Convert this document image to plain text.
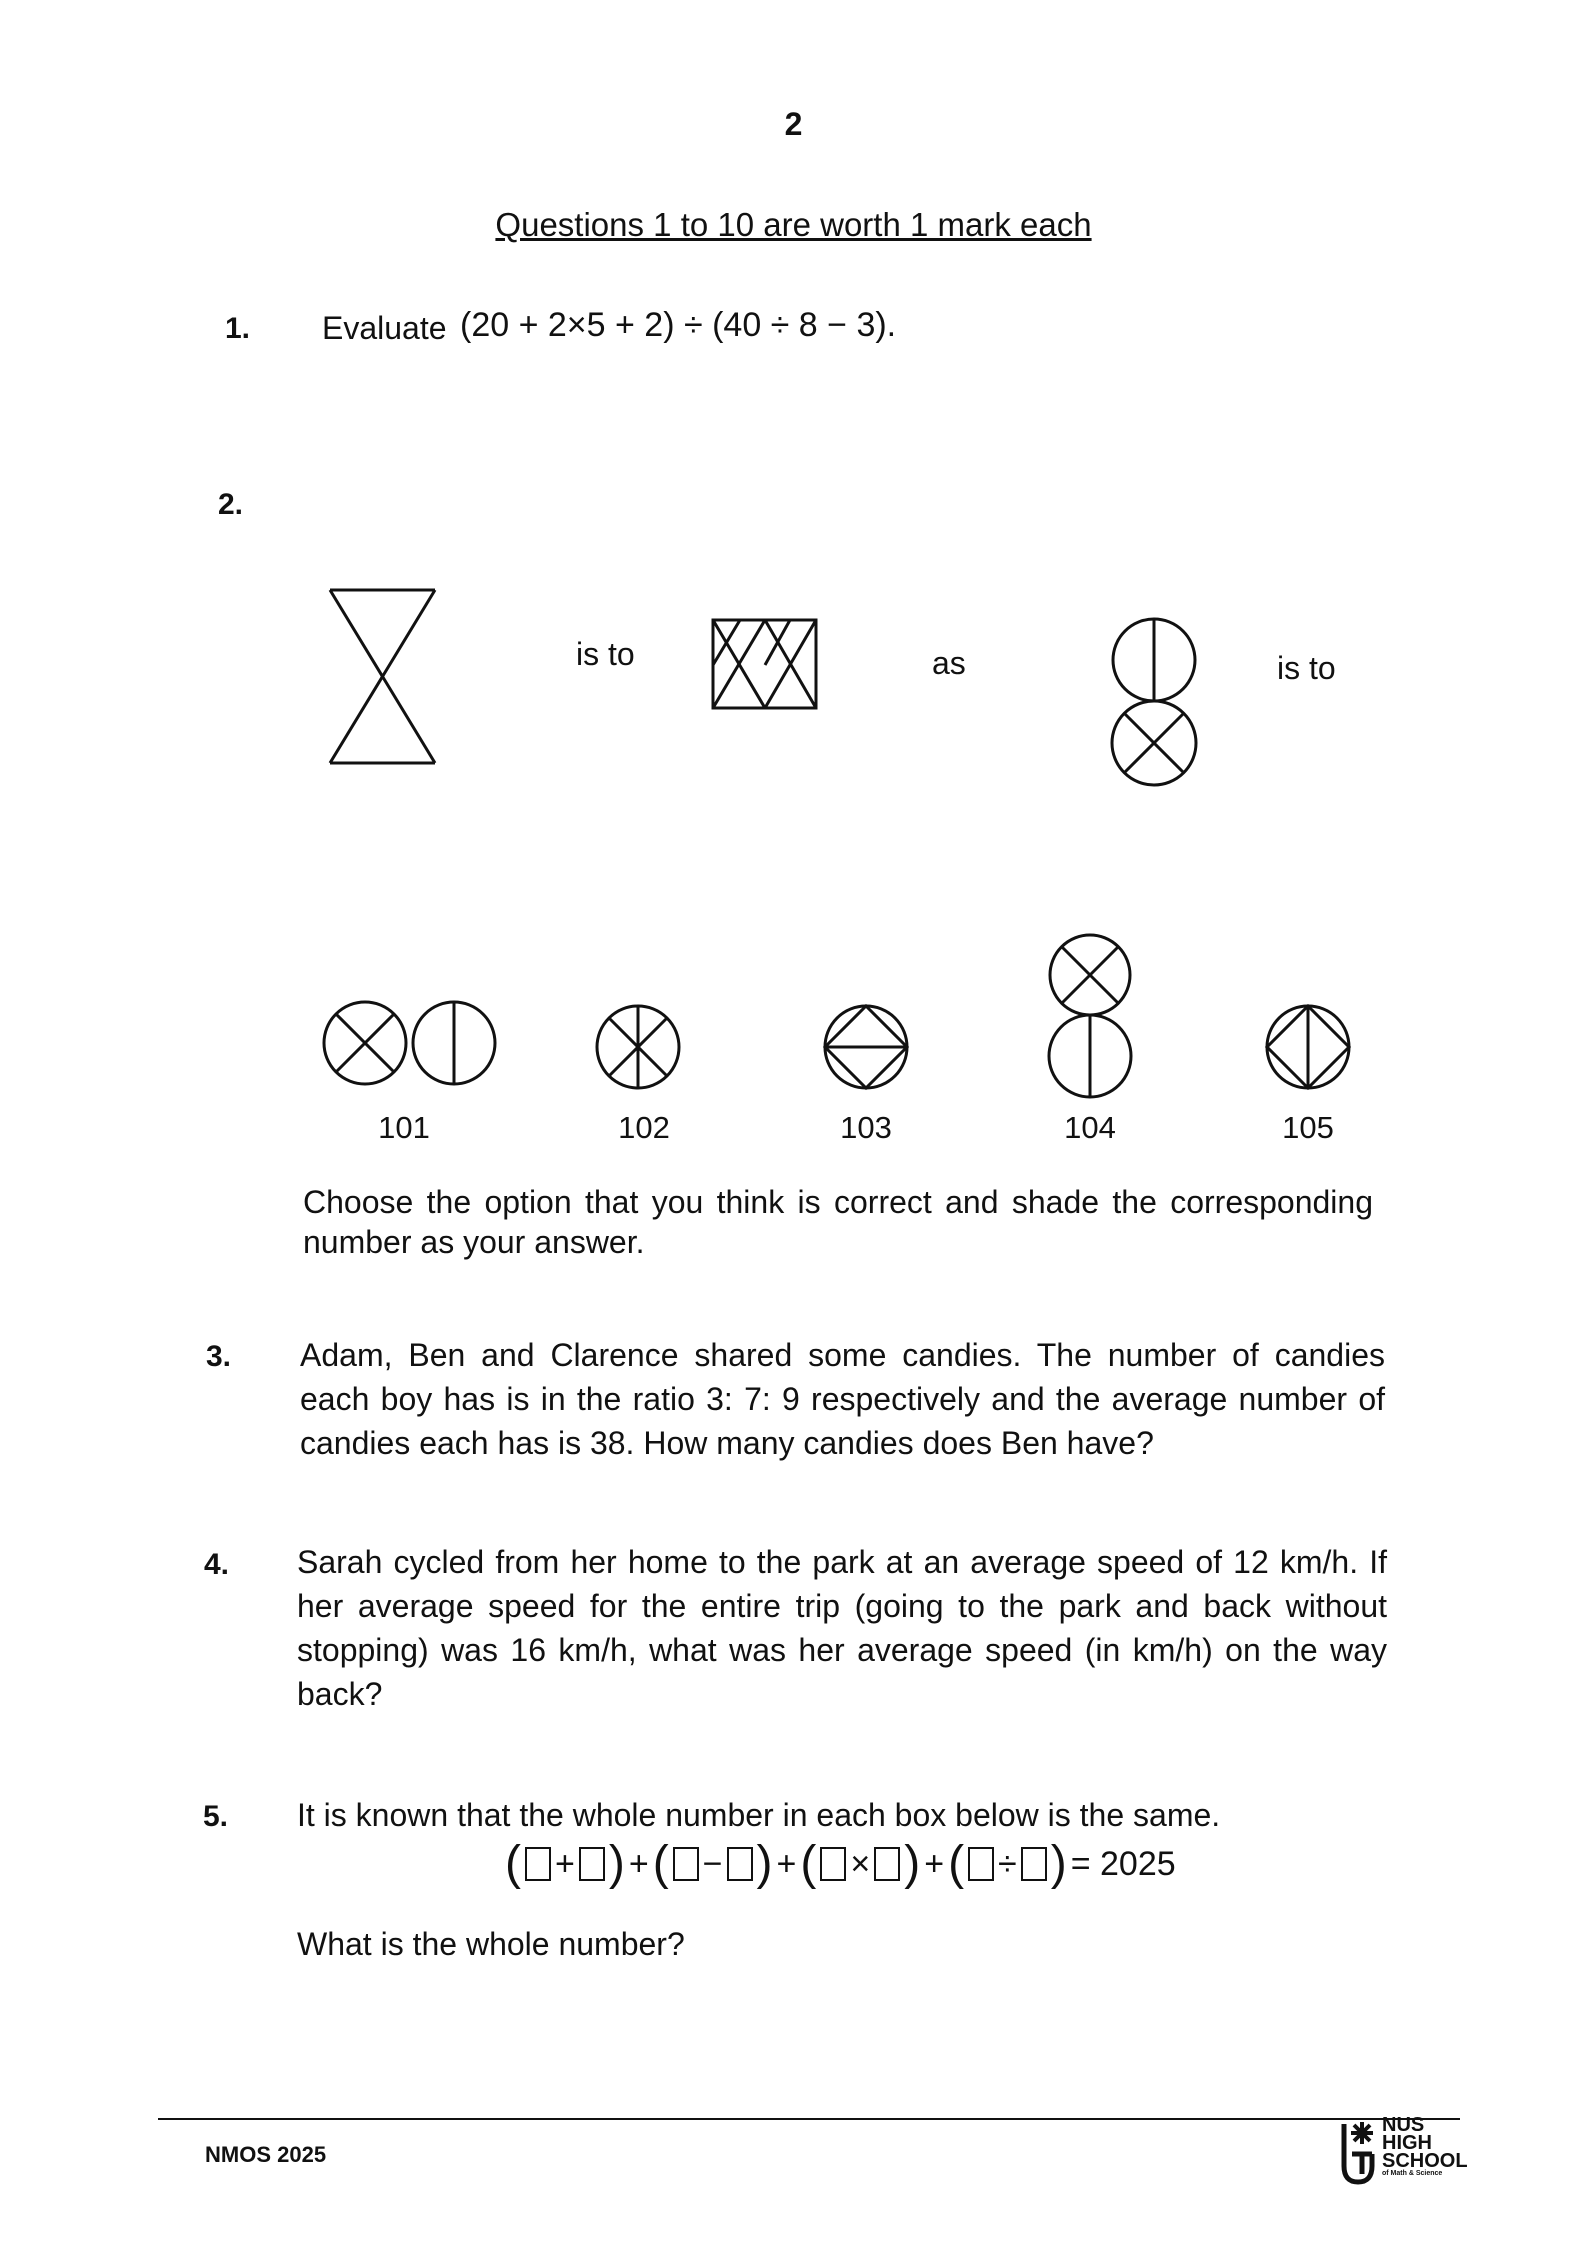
2
Questions 1 to 10 are worth 1 mark each
1. Evaluate (20 + 2×5 + 2) ÷ (40 ÷ 8 − 3).
2.
is to	as	is to
101	102	103	104	105
Choose the option that you think is correct and shade the corresponding
number as your answer.
3. Adam, Ben and Clarence shared some candies. The number of candies each boy has is in the ratio 3: 7: 9 respectively and the average number of candies each has is 38. How many candies does Ben have?
4. Sarah cycled from her home to the park at an average speed of 12 km/h. If her average speed for the entire trip (going to the park and back without stopping) was 16 km/h, what was her average speed (in km/h) on the way back?
5. It is known that the whole number in each box below is the same.
( + ) + ( − ) + ( × ) + ( ÷ ) = 2025
What is the whole number?
NMOS 2025
NUS
HIGH
SCHOOL
of Math & Science
